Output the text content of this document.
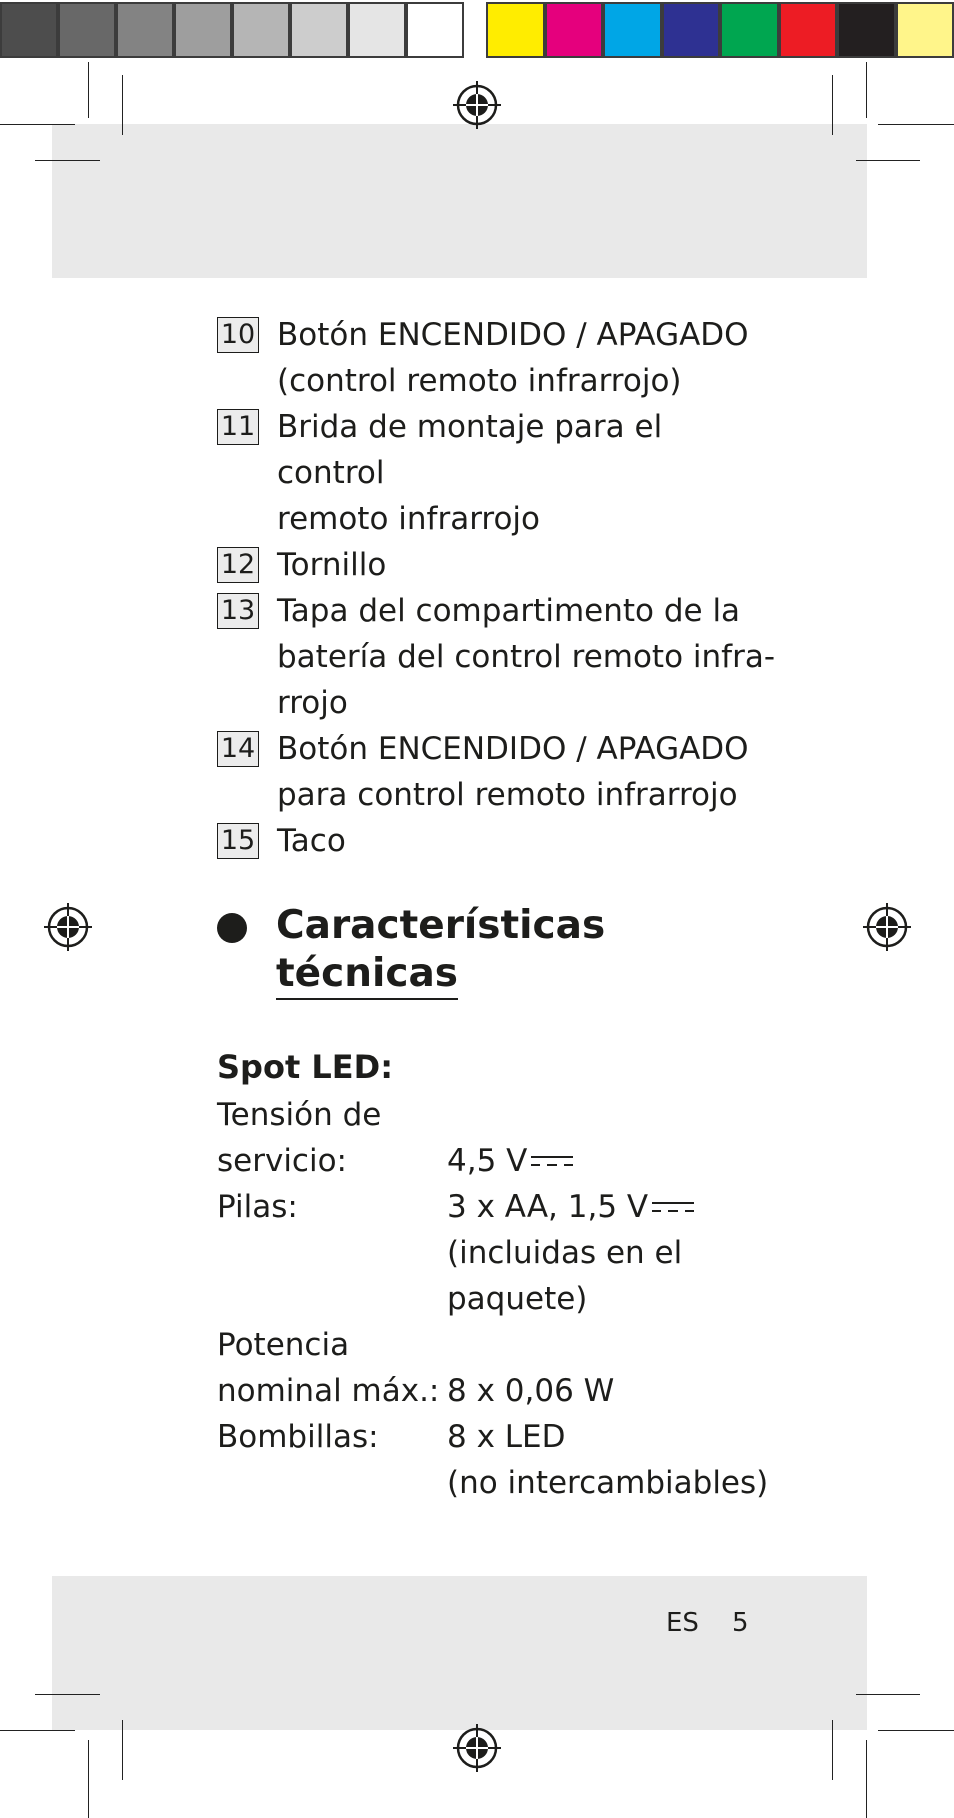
10 Botón ENCENDIDO / APAGADO
(control remoto infrarrojo)
11 Brida de montaje para el control
remoto infrarrojo
12 Tornillo
13 Tapa del compartimento de la
batería del control remoto infra-
rrojo
14 Botón ENCENDIDO / APAGADO
para control remoto infrarrojo
15 Taco
Características
técnicas
Spot LED:
Tensión de
servicio:	4,5 V
Pilas:	3 x AA, 1,5 V
(incluidas en el
paquete)
Potencia
nominal máx.: 8 x 0,06 W
Bombillas:	8 x LED
(no intercambiables)
ES 5
